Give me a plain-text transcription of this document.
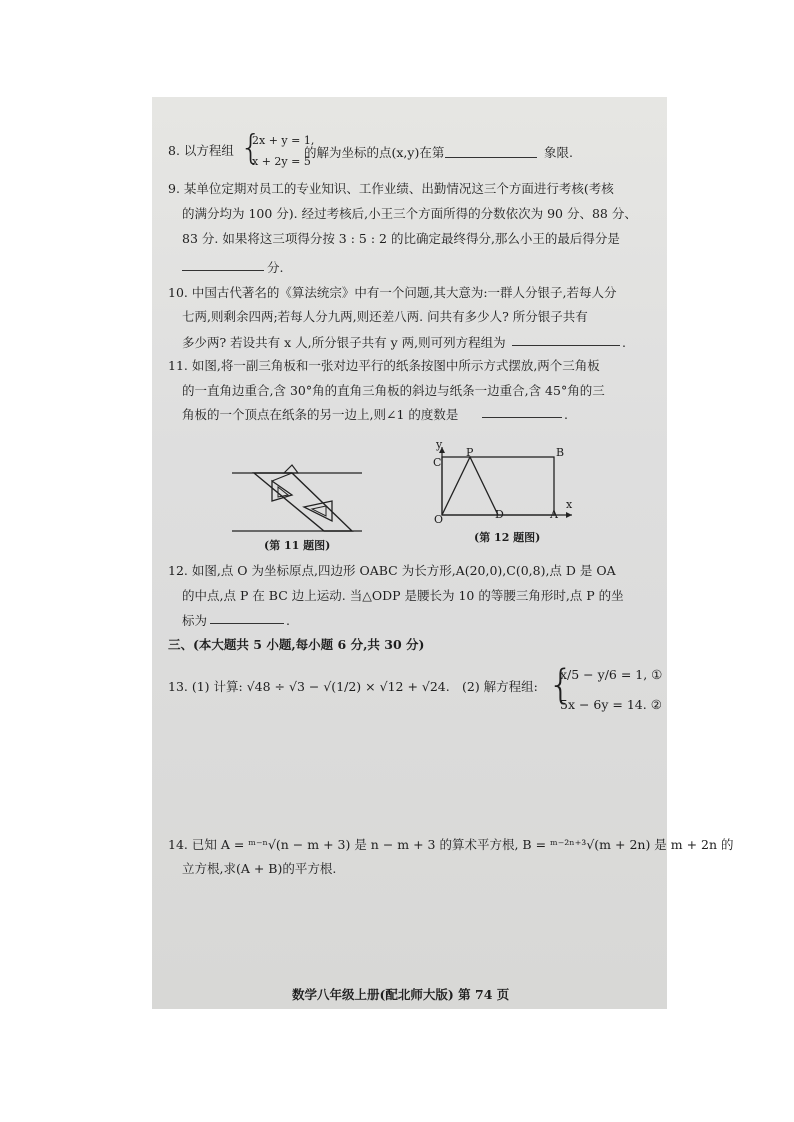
8. 以方程组 {
2x + y = 1,
x + 2y = 5
的解为坐标的点(x,y)在第	象限.
9. 某单位定期对员工的专业知识、工作业绩、出勤情况这三个方面进行考核(考核
的满分均为 100 分). 经过考核后,小王三个方面所得的分数依次为 90 分、88 分、
83 分. 如果将这三项得分按 3 : 5 : 2 的比确定最终得分,那么小王的最后得分是
分.
10. 中国古代著名的《算法统宗》中有一个问题,其大意为:一群人分银子,若每人分
七两,则剩余四两;若每人分九两,则还差八两. 问共有多少人? 所分银子共有
多少两? 若设共有 x 人,所分银子共有 y 两,则可列方程组为	.
11. 如图,将一副三角板和一张对边平行的纸条按图中所示方式摆放,两个三角板
的一直角边重合,含 30°角的直角三角板的斜边与纸条一边重合,含 45°角的三
角板的一个顶点在纸条的另一边上,则∠1 的度数是	.
(第 11 题图)
y
C
P	B
x
O	D	A
(第 12 题图)
12. 如图,点 O 为坐标原点,四边形 OABC 为长方形,A(20,0),C(0,8),点 D 是 OA
的中点,点 P 在 BC 边上运动. 当△ODP 是腰长为 10 的等腰三角形时,点 P 的坐
标为	.
三、(本大题共 5 小题,每小题 6 分,共 30 分)
13. (1) 计算: √48 ÷ √3 − √(1/2) × √12 + √24. (2) 解方程组: {
x/5 − y/6 = 1, ①
5x − 6y = 14. ②
14. 已知 A = ᵐ⁻ⁿ√(n − m + 3) 是 n − m + 3 的算术平方根, B = ᵐ⁻²ⁿ⁺³√(m + 2n) 是 m + 2n 的
立方根,求(A + B)的平方根.
数学八年级上册(配北师大版) 第 74 页
